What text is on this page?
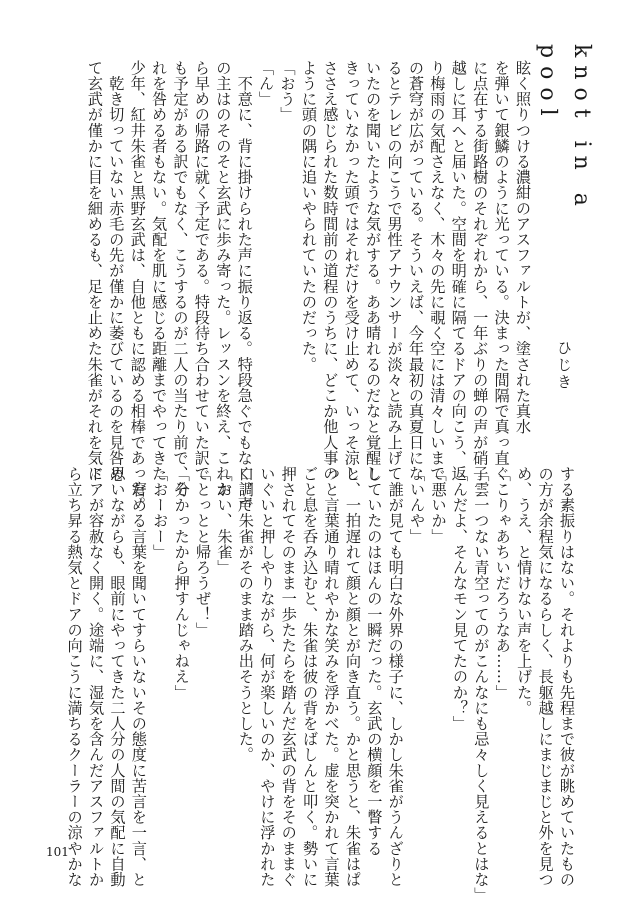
knot in a pool
ひじき
眩く照りつける濃紺のアスファルトが、塗された真水
を弾いて銀鱗のように光っている。決まった間隔で真っ直ぐ
に点在する街路樹のそれぞれから、一年ぶりの蝉の声が硝子
越しに耳へと届いた。空間を明確に隔てるドアの向こう、返
り梅雨の気配さえなく、木々の先に覗く空には清々しいまで
の蒼穹が広がっている。そういえば、今年最初の真夏日にな
るとテレビの向こうで男性アナウンサーが淡々と読み上げて
いたのを聞いたような気がする。ああ晴れるのだなと覚醒し
きっていなかった頭ではそれだけを受け止めて、いっそ涼し
ささえ感じられた数時間前の道程のうちに、どこか他人事の
ように頭の隅に追いやられていたのだった。
「おう」
「ん」
　不意に、背に掛けられた声に振り返る。特段急ぐでもなく、声
の主はのそのそと玄武に歩み寄った。レッスンを終え、これか
ら早めの帰路に就く予定である。特段待ち合わせていた訳で
も予定がある訳でもなく、こうするのが二人の当たり前で、そ
れを咎める者もない。気配を肌に感じる距離までやってきた
少年、紅井朱雀と黒野玄武は、自他ともに認める相棒であった。
　乾き切っていない赤毛の先が僅かに萎びているのを見咎め
て玄武が僅かに目を細めるも、足を止めた朱雀がそれを気に
する素振りはない。それよりも先程まで彼が眺めていたもの
の方が余程気になるらしく、長躯越しにまじまじと外を見つ
め、うえ、と情けない声を上げた。
「こりゃあちいだろうなあ……」
「雲一つない青空ってのがこんなにも忌々しく見えるとはな」
「んだよ、そんなモン見てたのか？」
「悪いか」
「いんや」
　誰が見ても明白な外界の様子に、しかし朱雀がうんざりと
していたのはほんの一瞬だった。玄武の横顔を一瞥する
と、一拍遅れて顔と顔とが向き直う。かと思うと、朱雀はぱ
っと言葉通り晴れやかな笑みを浮かべた。虚を突かれて言葉
ごと息を呑み込むと、朱雀は彼の背をばしんと叩く。勢いに
押されてそのまま一歩たたらを踏んだ玄武の背をそのままぐ
いぐいと押しやりながら、何が楽しいのか、やけに浮かれた
口調で朱雀がそのまま踏み出そうとした。
「おい、朱雀」
「とっとと帰ろうぜ！」
「分かったから押すんじゃねえ」
「おーおー」
　窘める言葉を聞いてすらいないその態度に苦言を一言、と
思いながらも、眼前にやってきた二人分の人間の気配に自動
ドアが容赦なく開く。途端に、湿気を含んだアスファルトか
ら立ち昇る熱気とドアの向こうに満ちるクーラーの涼やかな
101
